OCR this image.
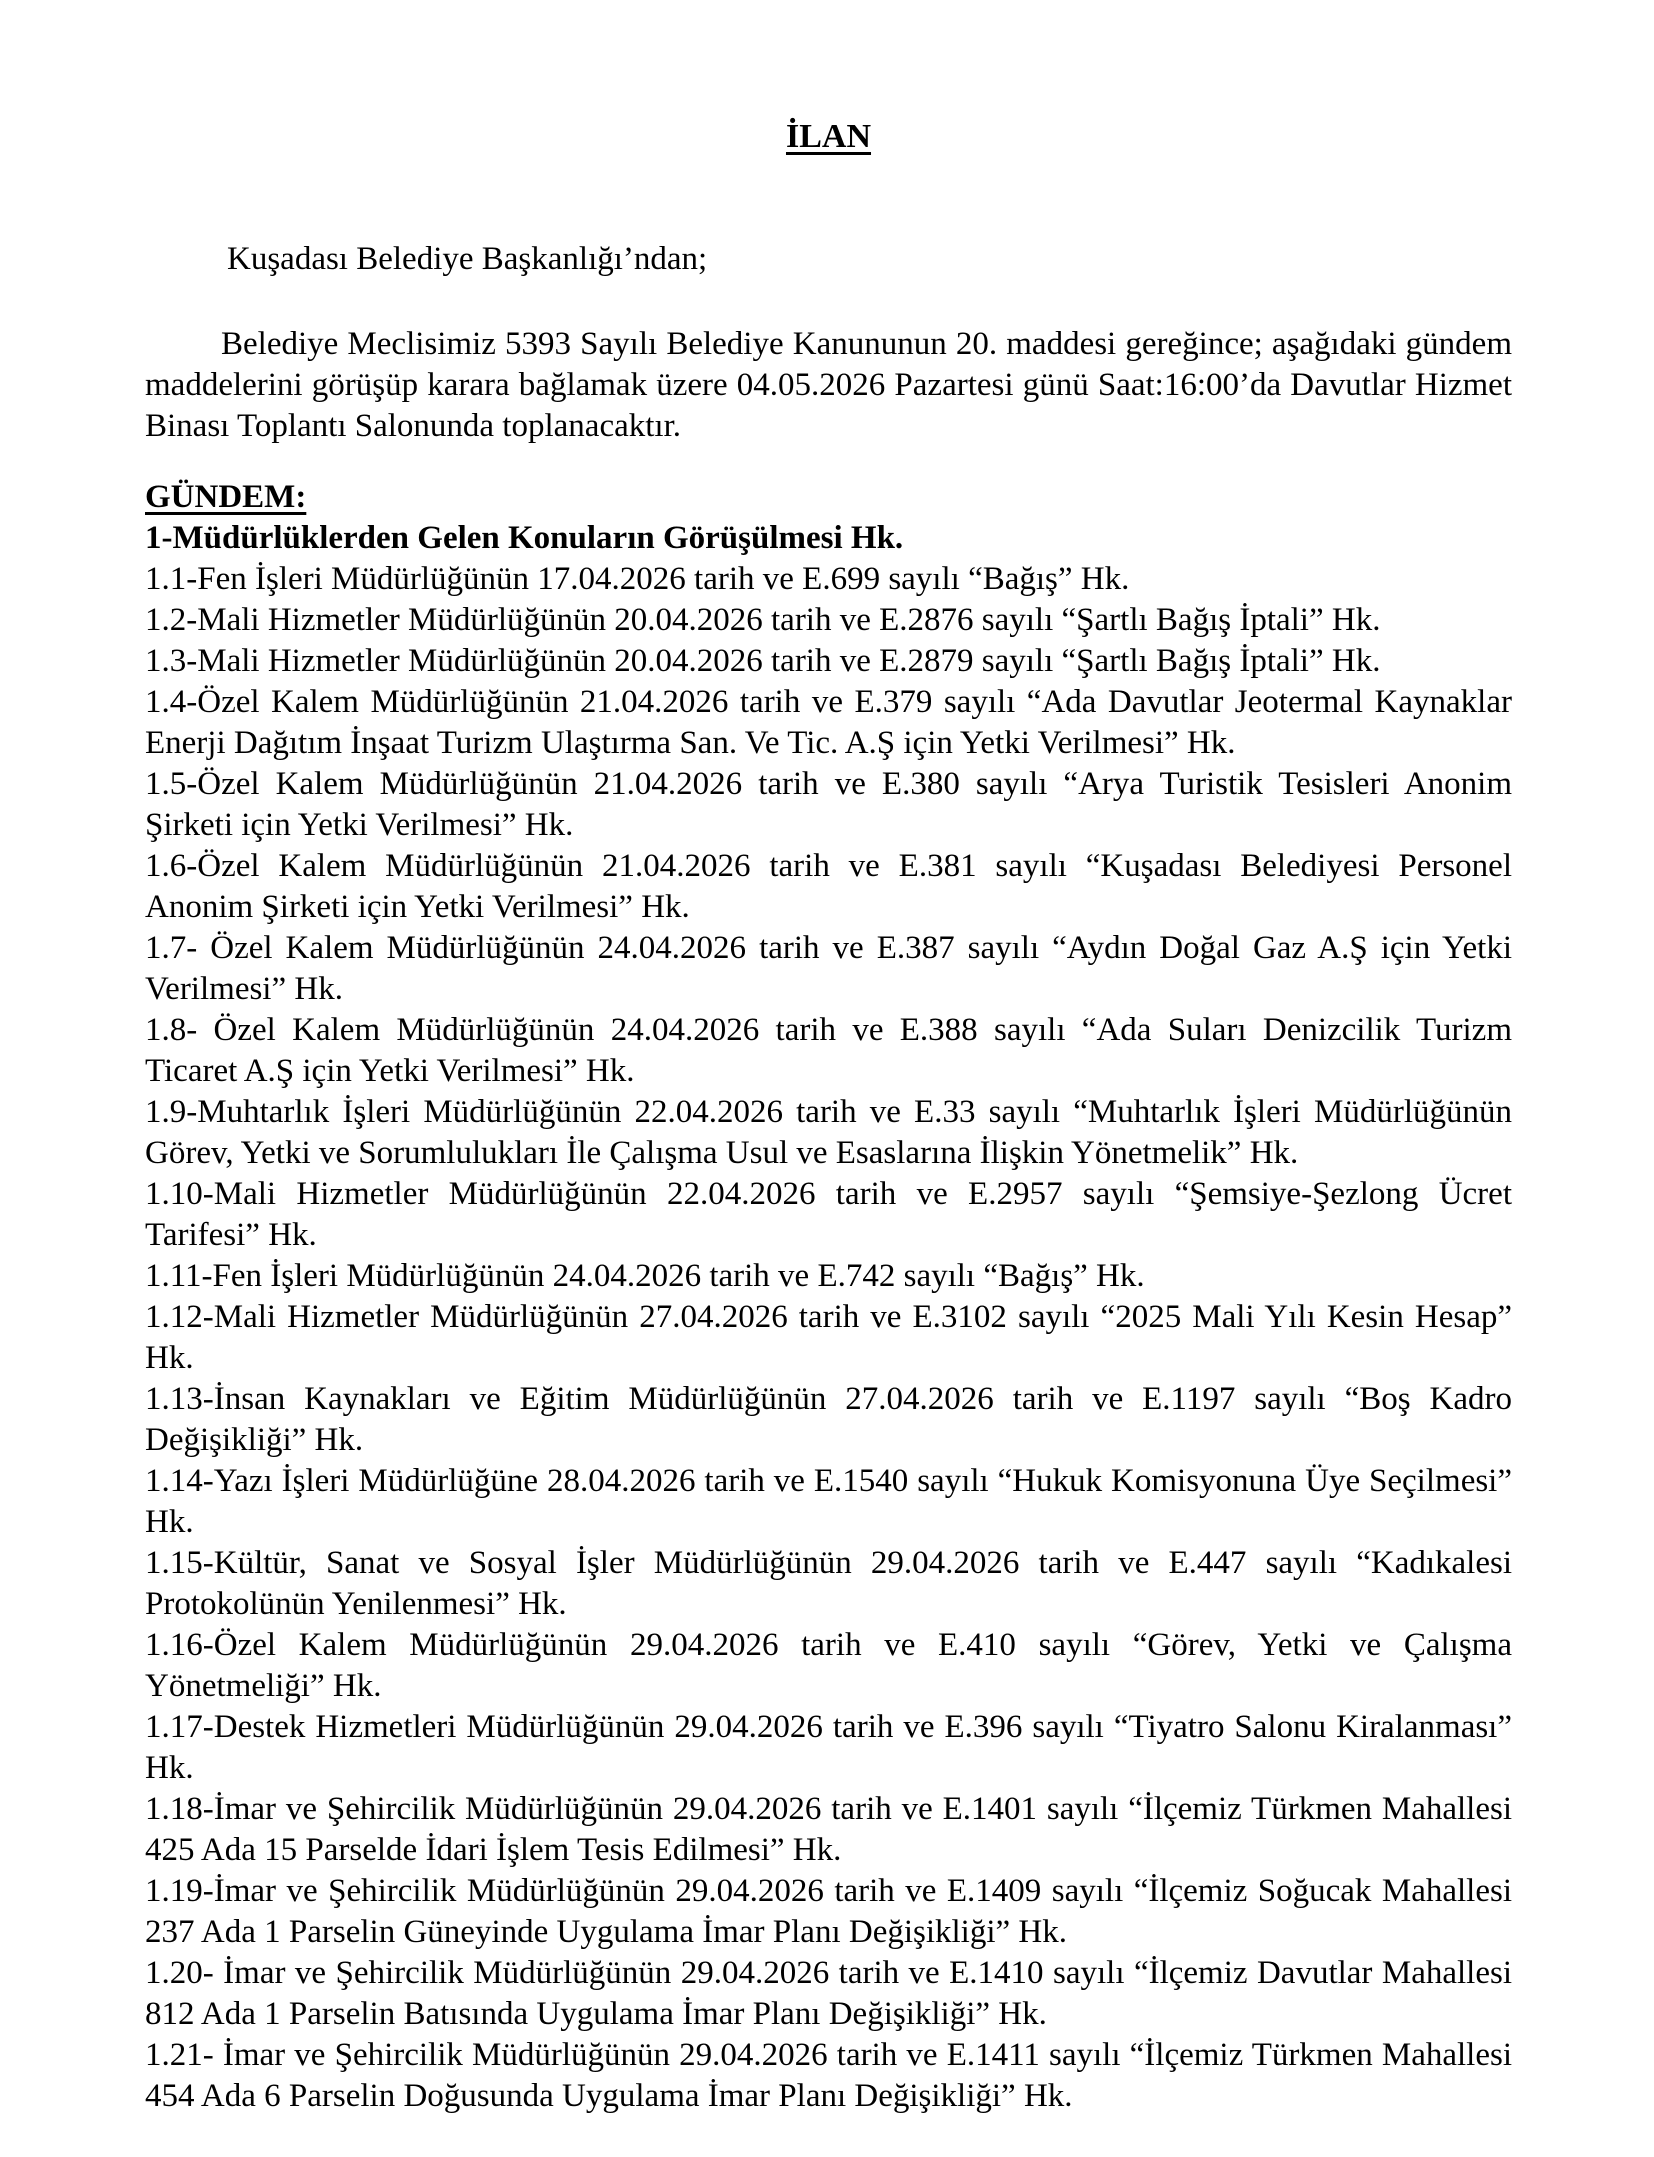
İLAN

Kuşadası Belediye Başkanlığı’ndan;

Belediye Meclisimiz 5393 Sayılı Belediye Kanununun 20. maddesi gereğince; aşağıdaki gündem maddelerini görüşüp karara bağlamak üzere 04.05.2026 Pazartesi günü Saat:16:00’da Davutlar Hizmet Binası Toplantı Salonunda toplanacaktır.

GÜNDEM:

1-Müdürlüklerden Gelen Konuların Görüşülmesi Hk.

1.1-Fen İşleri Müdürlüğünün 17.04.2026 tarih ve E.699 sayılı “Bağış” Hk.

1.2-Mali Hizmetler Müdürlüğünün 20.04.2026 tarih ve E.2876 sayılı “Şartlı Bağış İptali” Hk.

1.3-Mali Hizmetler Müdürlüğünün 20.04.2026 tarih ve E.2879 sayılı “Şartlı Bağış İptali” Hk.

1.4-Özel Kalem Müdürlüğünün 21.04.2026 tarih ve E.379 sayılı “Ada Davutlar Jeotermal Kaynaklar Enerji Dağıtım İnşaat Turizm Ulaştırma San. Ve Tic. A.Ş için Yetki Verilmesi” Hk.

1.5-Özel Kalem Müdürlüğünün 21.04.2026 tarih ve E.380 sayılı “Arya Turistik Tesisleri Anonim Şirketi için Yetki Verilmesi” Hk.

1.6-Özel Kalem Müdürlüğünün 21.04.2026 tarih ve E.381 sayılı “Kuşadası Belediyesi Personel Anonim Şirketi için Yetki Verilmesi” Hk.

1.7- Özel Kalem Müdürlüğünün 24.04.2026 tarih ve E.387 sayılı “Aydın Doğal Gaz A.Ş için Yetki Verilmesi” Hk.

1.8- Özel Kalem Müdürlüğünün 24.04.2026 tarih ve E.388 sayılı “Ada Suları Denizcilik Turizm Ticaret A.Ş için Yetki Verilmesi” Hk.

1.9-Muhtarlık İşleri Müdürlüğünün 22.04.2026 tarih ve E.33 sayılı “Muhtarlık İşleri Müdürlüğünün Görev, Yetki ve Sorumlulukları İle Çalışma Usul ve Esaslarına İlişkin Yönetmelik” Hk.

1.10-Mali Hizmetler Müdürlüğünün 22.04.2026 tarih ve E.2957 sayılı “Şemsiye-Şezlong Ücret Tarifesi” Hk.

1.11-Fen İşleri Müdürlüğünün 24.04.2026 tarih ve E.742 sayılı “Bağış” Hk.

1.12-Mali Hizmetler Müdürlüğünün 27.04.2026 tarih ve E.3102 sayılı “2025 Mali Yılı Kesin Hesap” Hk.

1.13-İnsan Kaynakları ve Eğitim Müdürlüğünün 27.04.2026 tarih ve E.1197 sayılı “Boş Kadro Değişikliği” Hk.

1.14-Yazı İşleri Müdürlüğüne 28.04.2026 tarih ve E.1540 sayılı “Hukuk Komisyonuna Üye Seçilmesi” Hk.

1.15-Kültür, Sanat ve Sosyal İşler Müdürlüğünün 29.04.2026 tarih ve E.447 sayılı “Kadıkalesi Protokolünün Yenilenmesi” Hk.

1.16-Özel Kalem Müdürlüğünün 29.04.2026 tarih ve E.410 sayılı “Görev, Yetki ve Çalışma Yönetmeliği” Hk.

1.17-Destek Hizmetleri Müdürlüğünün 29.04.2026 tarih ve E.396 sayılı “Tiyatro Salonu Kiralanması” Hk.

1.18-İmar ve Şehircilik Müdürlüğünün 29.04.2026 tarih ve E.1401 sayılı “İlçemiz Türkmen Mahallesi 425 Ada 15 Parselde İdari İşlem Tesis Edilmesi” Hk.

1.19-İmar ve Şehircilik Müdürlüğünün 29.04.2026 tarih ve E.1409 sayılı “İlçemiz Soğucak Mahallesi 237 Ada 1 Parselin Güneyinde Uygulama İmar Planı Değişikliği” Hk.

1.20- İmar ve Şehircilik Müdürlüğünün 29.04.2026 tarih ve E.1410 sayılı “İlçemiz Davutlar Mahallesi 812 Ada 1 Parselin Batısında Uygulama İmar Planı Değişikliği” Hk.

1.21- İmar ve Şehircilik Müdürlüğünün 29.04.2026 tarih ve E.1411 sayılı “İlçemiz Türkmen Mahallesi 454 Ada 6 Parselin Doğusunda Uygulama İmar Planı Değişikliği” Hk.
